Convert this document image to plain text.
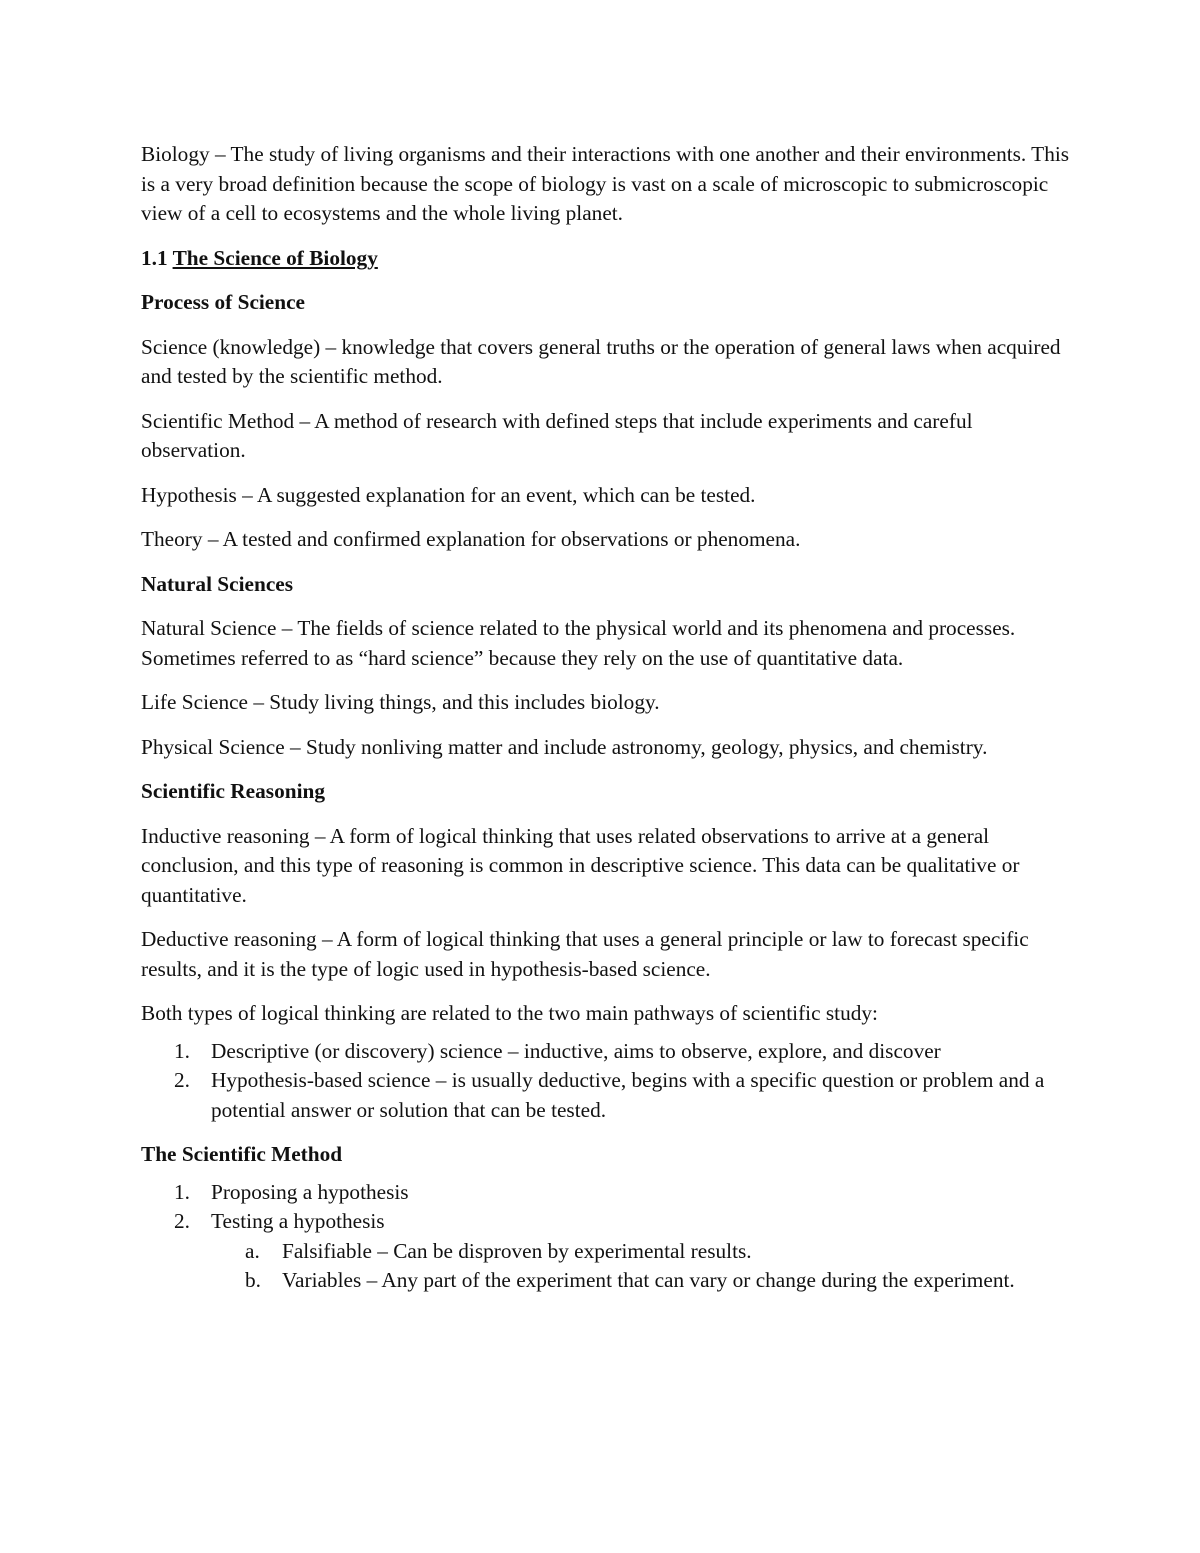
Biology – The study of living organisms and their interactions with one another and their environments. This is a very broad definition because the scope of biology is vast on a scale of microscopic to submicroscopic view of a cell to ecosystems and the whole living planet.

1.1 The Science of Biology
Process of Science

Science (knowledge) – knowledge that covers general truths or the operation of general laws when acquired and tested by the scientific method.

Scientific Method – A method of research with defined steps that include experiments and careful observation.

Hypothesis – A suggested explanation for an event, which can be tested.

Theory – A tested and confirmed explanation for observations or phenomena.

Natural Sciences

Natural Science – The fields of science related to the physical world and its phenomena and processes. Sometimes referred to as “hard science” because they rely on the use of quantitative data.

Life Science – Study living things, and this includes biology.

Physical Science – Study nonliving matter and include astronomy, geology, physics, and chemistry.

Scientific Reasoning

Inductive reasoning – A form of logical thinking that uses related observations to arrive at a general conclusion, and this type of reasoning is common in descriptive science. This data can be qualitative or quantitative.

Deductive reasoning – A form of logical thinking that uses a general principle or law to forecast specific results, and it is the type of logic used in hypothesis-based science.

Both types of logical thinking are related to the two main pathways of scientific study:

1. Descriptive (or discovery) science – inductive, aims to observe, explore, and discover
2. Hypothesis-based science – is usually deductive, begins with a specific question or problem and a potential answer or solution that can be tested.
The Scientific Method
1. Proposing a hypothesis
2. Testing a hypothesis
a. Falsifiable – Can be disproven by experimental results.
b. Variables – Any part of the experiment that can vary or change during the experiment.
